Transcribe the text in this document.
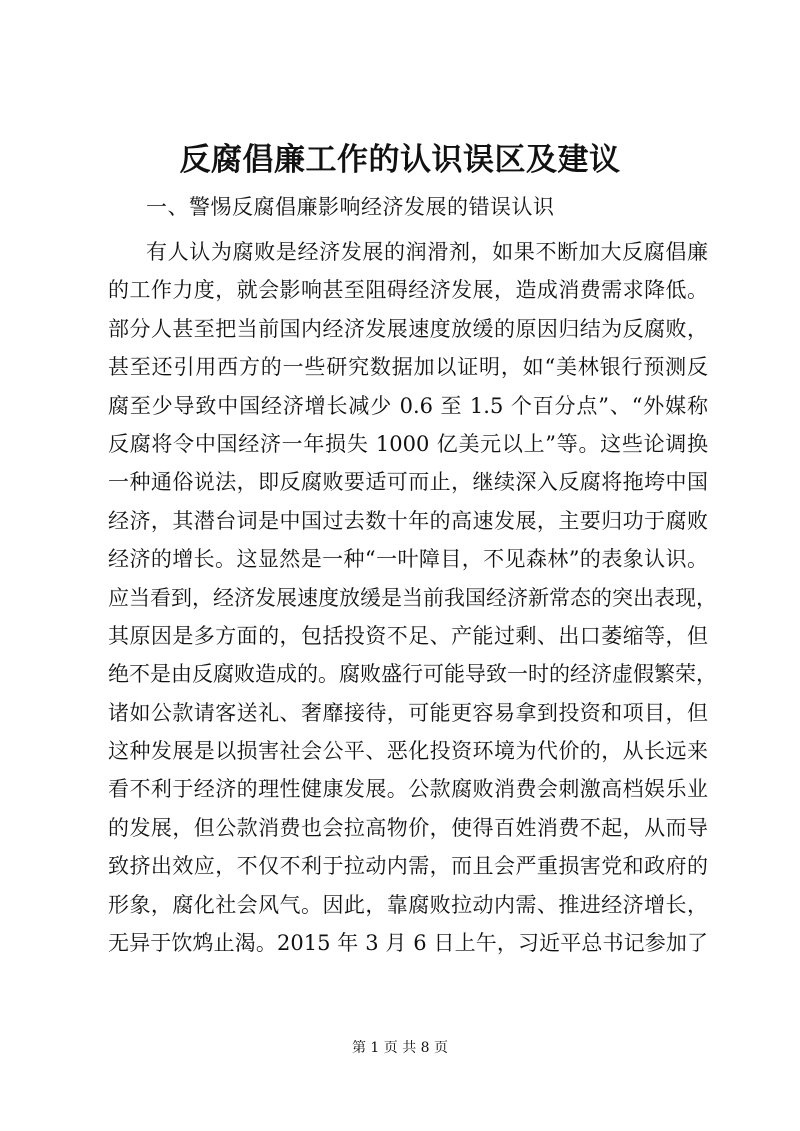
反腐倡廉工作的认识误区及建议
一、警惕反腐倡廉影响经济发展的错误认识
有人认为腐败是经济发展的润滑剂，如果不断加大反腐倡廉
的工作力度，就会影响甚至阻碍经济发展，造成消费需求降低。
部分人甚至把当前国内经济发展速度放缓的原因归结为反腐败，
甚至还引用西方的一些研究数据加以证明，如“美林银行预测反
腐至少导致中国经济增长减少 0.6 至 1.5 个百分点”、“外媒称
反腐将令中国经济一年损失 1000 亿美元以上”等。这些论调换
一种通俗说法，即反腐败要适可而止，继续深入反腐将拖垮中国
经济，其潜台词是中国过去数十年的高速发展，主要归功于腐败
经济的增长。这显然是一种“一叶障目，不见森林”的表象认识。
应当看到，经济发展速度放缓是当前我国经济新常态的突出表现，
其原因是多方面的，包括投资不足、产能过剩、出口萎缩等，但
绝不是由反腐败造成的。腐败盛行可能导致一时的经济虚假繁荣，
诸如公款请客送礼、奢靡接待，可能更容易拿到投资和项目，但
这种发展是以损害社会公平、恶化投资环境为代价的，从长远来
看不利于经济的理性健康发展。公款腐败消费会刺激高档娱乐业
的发展，但公款消费也会拉高物价，使得百姓消费不起，从而导
致挤出效应，不仅不利于拉动内需，而且会严重损害党和政府的
形象，腐化社会风气。因此，靠腐败拉动内需、推进经济增长，
无异于饮鸩止渴。2015 年 3 月 6 日上午，习近平总书记参加了
第 1 页 共 8 页
